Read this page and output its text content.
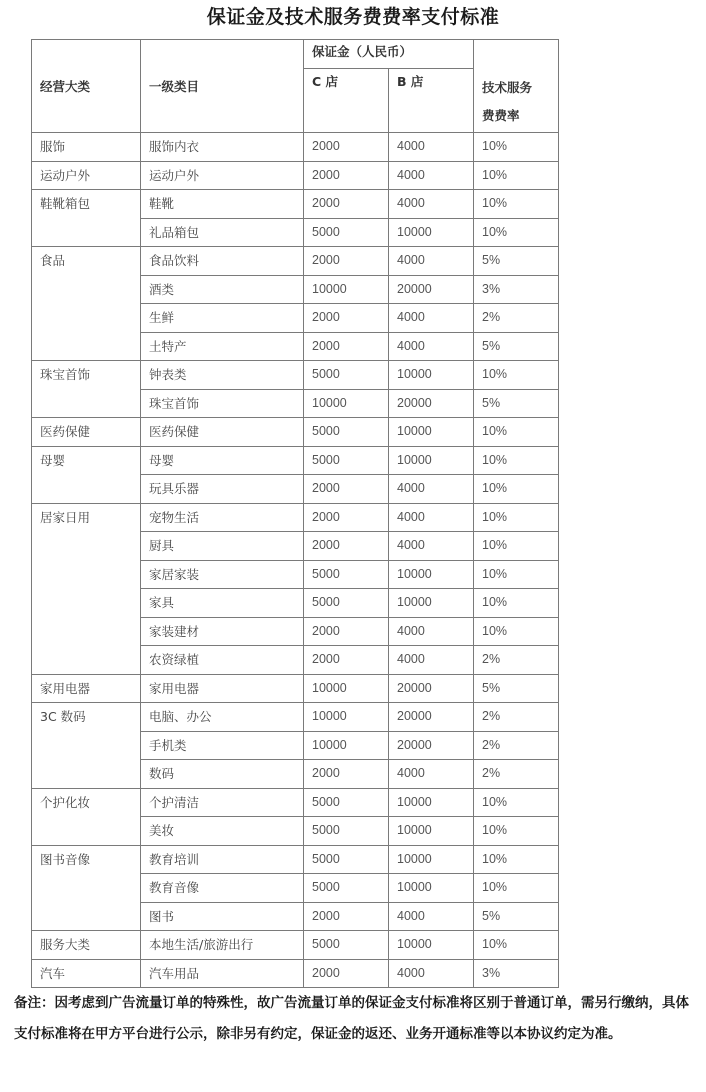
保证金及技术服务费费率支付标准
经营大类	一级类目	保证金（人民币）		技术服务
费费率
		C 店	B 店	
服饰	服饰内衣	2000	4000	10%
运动户外	运动户外	2000	4000	10%
鞋靴箱包	鞋靴	2000	4000	10%
	礼品箱包	5000	10000	10%
食品	食品饮料	2000	4000	5%
	酒类	10000	20000	3%
	生鲜	2000	4000	2%
	土特产	2000	4000	5%
珠宝首饰	钟表类	5000	10000	10%
	珠宝首饰	10000	20000	5%
医药保健	医药保健	5000	10000	10%
母婴	母婴	5000	10000	10%
	玩具乐器	2000	4000	10%
居家日用	宠物生活	2000	4000	10%
	厨具	2000	4000	10%
	家居家装	5000	10000	10%
	家具	5000	10000	10%
	家装建材	2000	4000	10%
	农资绿植	2000	4000	2%
家用电器	家用电器	10000	20000	5%
3C 数码	电脑、办公	10000	20000	2%
	手机类	10000	20000	2%
	数码	2000	4000	2%
个护化妆	个护清洁	5000	10000	10%
	美妆	5000	10000	10%
图书音像	教育培训	5000	10000	10%
	教育音像	5000	10000	10%
	图书	2000	4000	5%
服务大类	本地生活/旅游出行	5000	10000	10%
汽车	汽车用品	2000	4000	3%
备注：因考虑到广告流量订单的特殊性，故广告流量订单的保证金支付标准将区别于普通订单，需另行缴纳，具体支付标准将在甲方平台进行公示，除非另有约定，保证金的返还、业务开通标准等以本协议约定为准。
